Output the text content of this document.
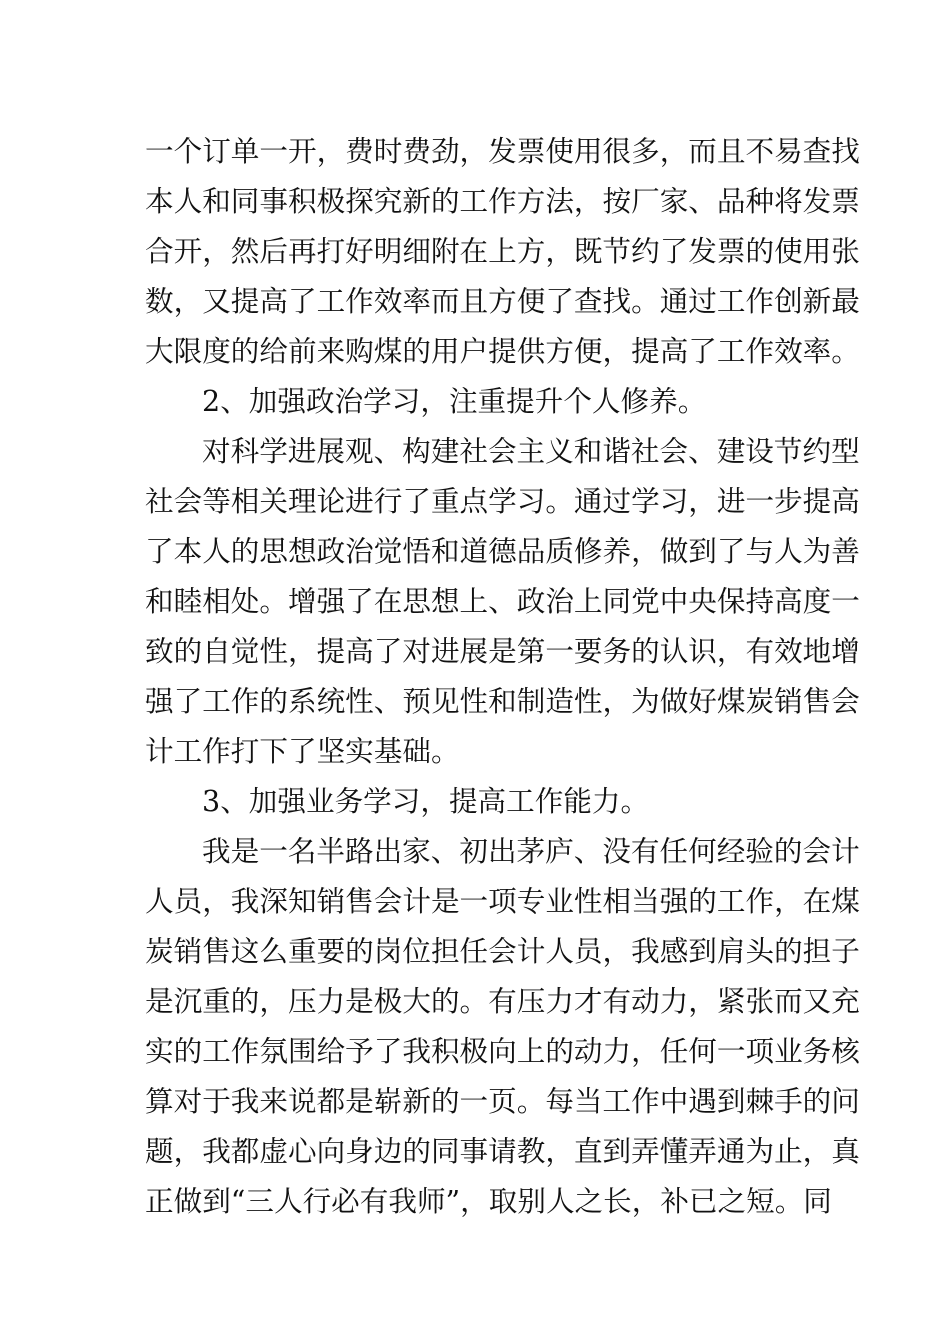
一个订单一开，费时费劲，发票使用很多，而且不易查找
本人和同事积极探究新的工作方法，按厂家、品种将发票
合开，然后再打好明细附在上方，既节约了发票的使用张
数，又提高了工作效率而且方便了查找。通过工作创新最
大限度的给前来购煤的用户提供方便，提高了工作效率。
2、加强政治学习，注重提升个人修养。
对科学进展观、构建社会主义和谐社会、建设节约型
社会等相关理论进行了重点学习。通过学习，进一步提高
了本人的思想政治觉悟和道德品质修养，做到了与人为善
和睦相处。增强了在思想上、政治上同党中央保持高度一
致的自觉性，提高了对进展是第一要务的认识，有效地增
强了工作的系统性、预见性和制造性，为做好煤炭销售会
计工作打下了坚实基础。
3、加强业务学习，提高工作能力。
我是一名半路出家、初出茅庐、没有任何经验的会计
人员，我深知销售会计是一项专业性相当强的工作，在煤
炭销售这么重要的岗位担任会计人员，我感到肩头的担子
是沉重的，压力是极大的。有压力才有动力，紧张而又充
实的工作氛围给予了我积极向上的动力，任何一项业务核
算对于我来说都是崭新的一页。每当工作中遇到棘手的问
题，我都虚心向身边的同事请教，直到弄懂弄通为止，真
正做到“三人行必有我师”，取别人之长，补已之短。同
